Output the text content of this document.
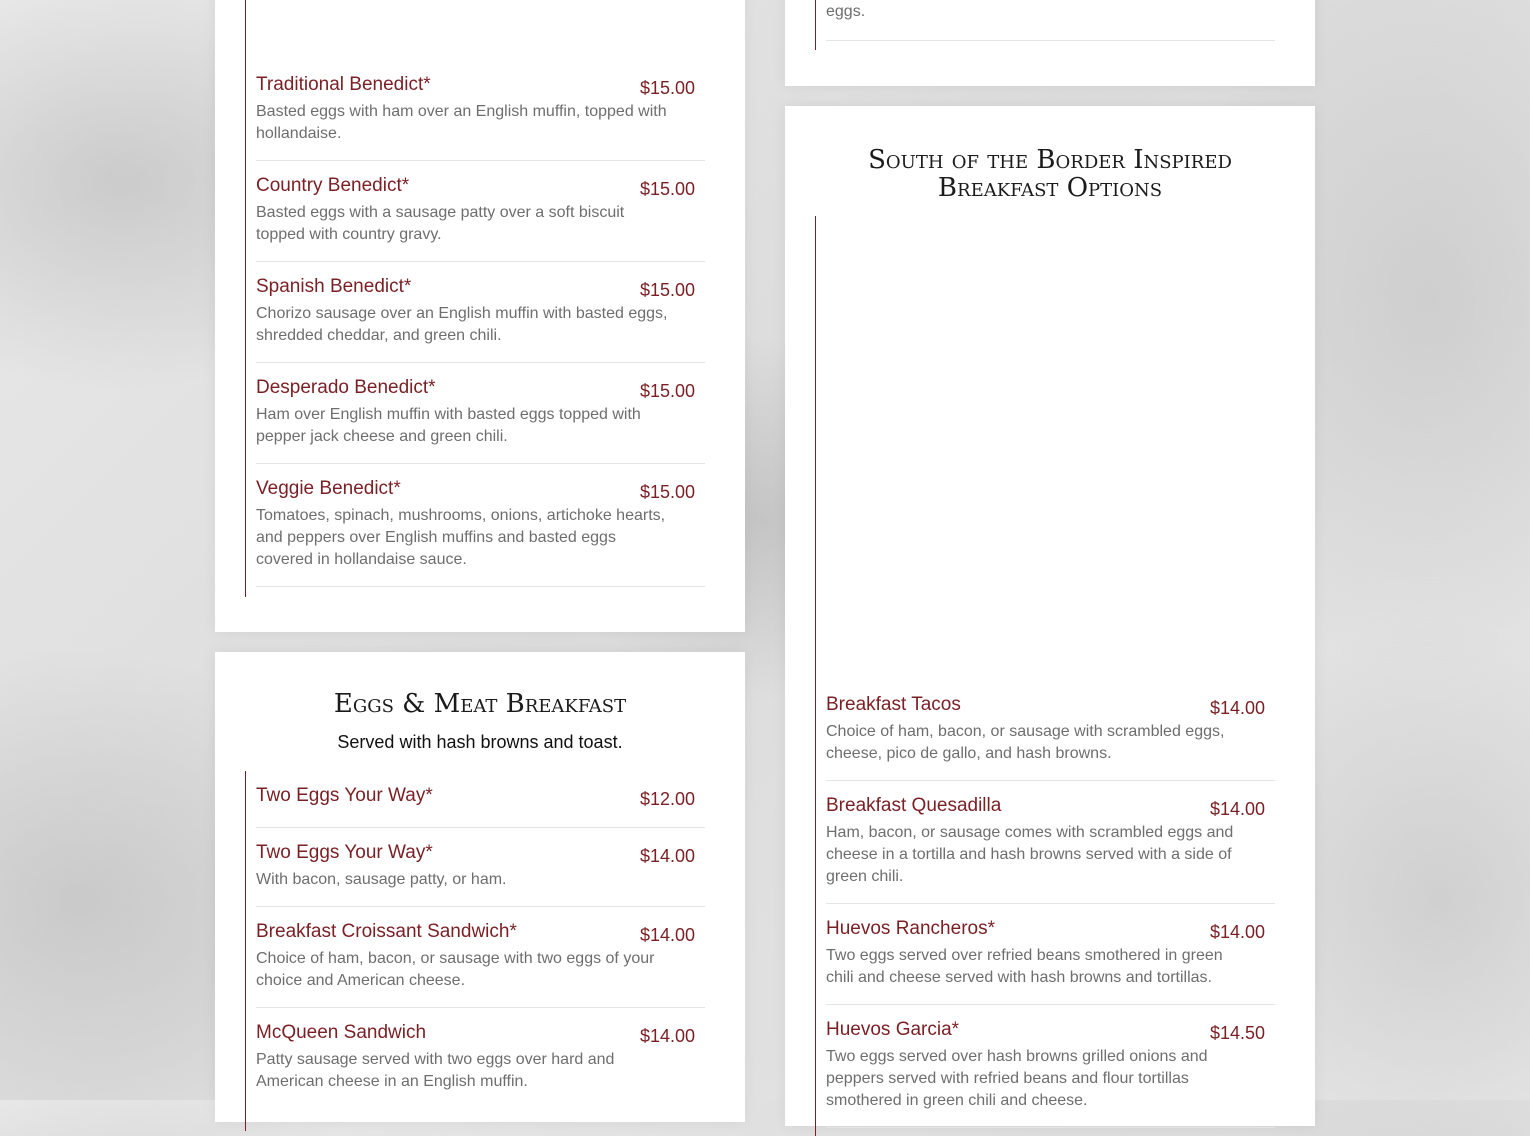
Traditional Benedict*	$15.00
Basted eggs with ham over an English muffin, topped with hollandaise.
Country Benedict*	$15.00
Basted eggs with a sausage patty over a soft biscuit topped with country gravy.
Spanish Benedict*	$15.00
Chorizo sausage over an English muffin with basted eggs, shredded cheddar, and green chili.
Desperado Benedict*	$15.00
Ham over English muffin with basted eggs topped with pepper jack cheese and green chili.
Veggie Benedict*	$15.00
Tomatoes, spinach, mushrooms, onions, artichoke hearts, and peppers over English muffins and basted eggs covered in hollandaise sauce.
Eggs & Meat Breakfast

Served with hash browns and toast.

Two Eggs Your Way*	$12.00
Two Eggs Your Way*	$14.00
With bacon, sausage patty, or ham.
Breakfast Croissant Sandwich*	$14.00
Choice of ham, bacon, or sausage with two eggs of your choice and American cheese.
McQueen Sandwich	$14.00
Patty sausage served with two eggs over hard and American cheese in an English muffin.
eggs.
South of the Border Inspired Breakfast Options
Breakfast Tacos	$14.00
Choice of ham, bacon, or sausage with scrambled eggs, cheese, pico de gallo, and hash browns.
Breakfast Quesadilla	$14.00
Ham, bacon, or sausage comes with scrambled eggs and cheese in a tortilla and hash browns served with a side of green chili.
Huevos Rancheros*	$14.00
Two eggs served over refried beans smothered in green chili and cheese served with hash browns and tortillas.
Huevos Garcia*	$14.50
Two eggs served over hash browns grilled onions and peppers served with refried beans and flour tortillas smothered in green chili and cheese.
